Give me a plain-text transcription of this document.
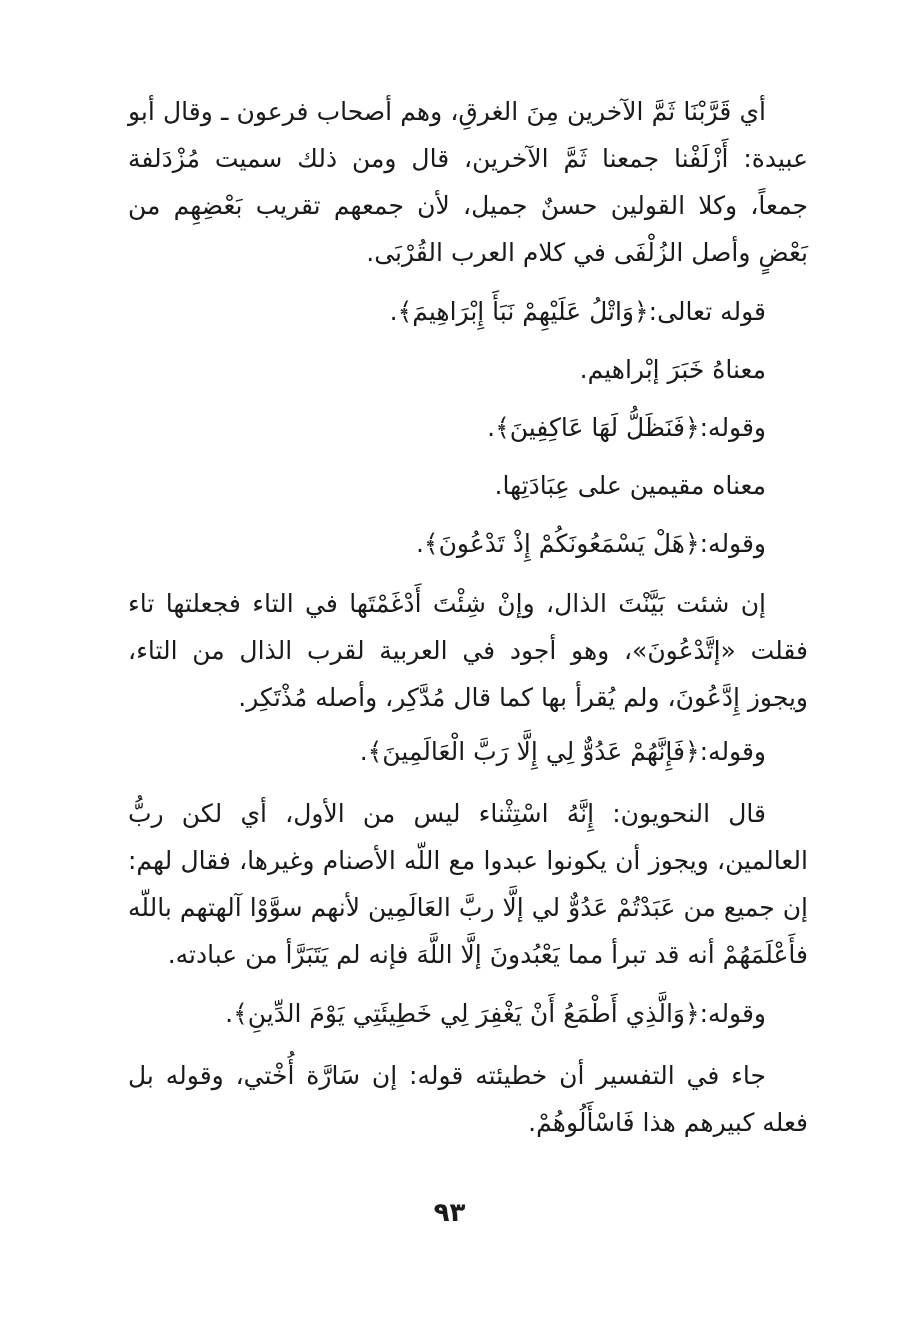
أي قَرَّبْنَا ثَمَّ الآخرين مِنَ الغرقِ، وهم أصحاب فرعون ـ وقال أبو عبيدة: أَزْلَفْنا جمعنا ثَمَّ الآخرين، قال ومن ذلك سميت مُزْدَلفة جمعاً، وكلا القولين حسنٌ جميل، لأن جمعهم تقريب بَعْضِهِم من بَعْضٍ وأصل الزُلْفَى في كلام العرب القُرْبَى.

قوله تعالى:﴿وَاتْلُ عَلَيْهِمْ نَبَأَ إِبْرَاهِيمَ﴾.

معناهُ خَبَرَ إبْراهيم.

وقوله:﴿فَنَظَلُّ لَهَا عَاكِفِينَ﴾.

معناه مقيمين على عِبَادَتِها.

وقوله:﴿هَلْ يَسْمَعُونَكُمْ إِذْ تَدْعُونَ﴾.

إن شئت بَيَّنْتَ الذال، وإنْ شِئْتَ أَدْغَمْتَها في التاء فجعلتها تاء فقلت «إتَّدْعُونَ»، وهو أجود في العربية لقرب الذال من التاء، ويجوز إِدَّعُونَ، ولم يُقرأ بها كما قال مُدَّكِر، وأصله مُذْتَكِر.

وقوله:﴿فَإِنَّهُمْ عَدُوٌّ لِي إِلَّا رَبَّ الْعَالَمِينَ﴾.

قال النحويون: إِنَّهُ اسْتِثْناء ليس من الأول، أي لكن ربُّ العالمين، ويجوز أن يكونوا عبدوا مع اللّه الأصنام وغيرها، فقال لهم: إن جميع من عَبَدْتُمْ عَدُوٌّ لي إلَّا ربَّ العَالَمِين لأنهم سوَّوْا آلهتهم باللّه فأَعْلَمَهُمْ أنه قد تبرأ مما يَعْبُدونَ إلَّا اللَّهَ فإنه لم يَتَبَرَّأ من عبادته.

وقوله:﴿وَالَّذِي أَطْمَعُ أَنْ يَغْفِرَ لِي خَطِيئَتِي يَوْمَ الدِّينِ﴾.

جاء في التفسير أن خطيئته قوله: إن سَارَّة أُخْتي، وقوله بل فعله كبيرهم هذا فَاسْأَلُوهُمْ.

٩٣
